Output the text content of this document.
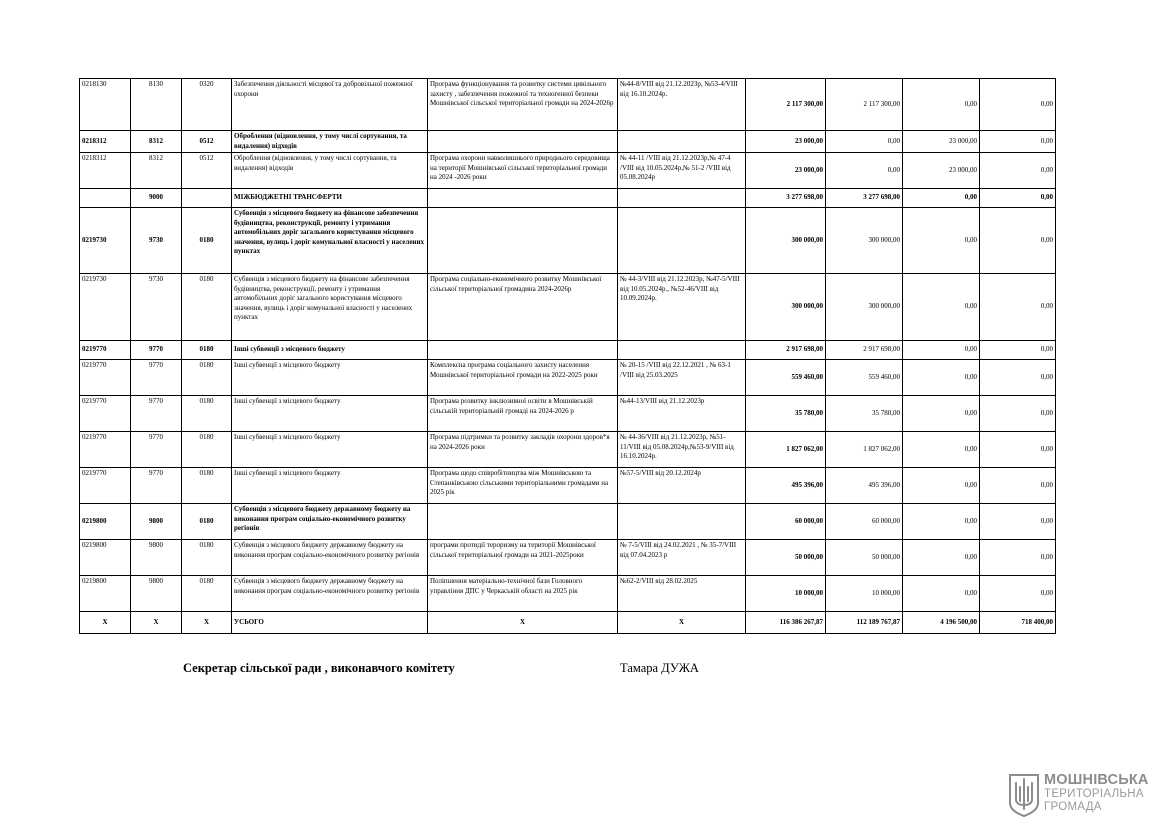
0218130	8130	0320	Забезпечення діяльності місцевої та добровільної пожежної охорони	Програма функціонування та розвитку системи цивільного захисту , забезпечення пожежної та техногенної безпеки Мошнівської сільської територіальної громади на 2024-2026р	№44-8/VIII від 21.12.2023р, №53-4/VIII від 16.10.2024р.	2 117 300,00	2 117 300,00	0,00	0,00
0218312	8312	0512	Оброблення (відновлення, у тому числі сортування, та видалення) відходів			23 000,00	0,00	23 000,00	0,00
0218312	8312	0512	Оброблення (відновлення, у тому числі сортування, та видалення) відходів	Програма охорони навколишнього природнього середовища на території Мошнівської сільської територіальної громади на 2024 -2026 роки	№ 44-11 /VIII від 21.12.2023р,№ 47-4 /VIII від 10.05.2024р,№ 51-2 /VIII від 05.08.2024р	23 000,00	0,00	23 000,00	0,00
	9000		МІЖБЮДЖЕТНІ ТРАНСФЕРТИ			3 277 698,00	3 277 698,00	0,00	0,00
0219730	9730	0180	Субвенція з місцевого бюджету на фінансове забезпечення будівництва, реконструкції, ремонту і утримання автомобільних доріг загального користування місцевого значення, вулиць і доріг комунальної власності у населених пунктах			300 000,00	300 000,00	0,00	0,00
0219730	9730	0180	Субвенція з місцевого бюджету на фінансове забезпечення будівництва, реконструкції, ремонту і утримання автомобільних доріг загального користування місцевого значення, вулиць і доріг комунальної власності у населених пунктах	Програма соціально-економічного розвитку Мошнівської сільської територіальної громадина 2024-2026р	№ 44-3/VIII від 21.12.2023р, №47-5/VIII від 10.05.2024р., №52-46/VIII від 10.09.2024р.	300 000,00	300 000,00	0,00	0,00
0219770	9770	0180	Інші субвенції з місцевого бюджету			2 917 698,00	2 917 698,00	0,00	0,00
0219770	9770	0180	Інші субвенції з місцевого бюджету	Комплексна програма соціального захисту населення Мошнівської територіальної громади на 2022-2025 роки	№ 20-15 /VIII від 22.12.2021 , № 63-1 /VIII від 25.03.2025	559 460,00	559 460,00	0,00	0,00
0219770	9770	0180	Інші субвенції з місцевого бюджету	Програма розвитку інклюзивної освіти в Мошнівській сільській територіальній громаді на 2024-2026 р	№44-13/VIII від 21.12.2023р	35 780,00	35 780,00	0,00	0,00
0219770	9770	0180	Інші субвенції з місцевого бюджету	Програма підтримки та розвитку закладів охорони здоров*я на 2024-2026 роки	№ 44-36/VIII від 21.12.2023р, №51-11/VIII від 05.08.2024р,№53-9/VIII від 16.10.2024р.	1 827 062,00	1 827 062,00	0,00	0,00
0219770	9770	0180	Інші субвенції з місцевого бюджету	Програма щодо співробітництва між Мошнівською та Степанківською сільськими територіальними громадами на 2025 рік	№57-5/VIII від 20.12.2024р	495 396,00	495 396,00	0,00	0,00
0219800	9800	0180	Субвенція з місцевого бюджету державному бюджету на виконання програм соціально-економічного розвитку регіонів			60 000,00	60 000,00	0,00	0,00
0219800	9800	0180	Субвенція з місцевого бюджету державному бюджету на виконання програм соціально-економічного розвитку регіонів	програми протидії тероризму на території Мошнівської сільської територіальної громади на 2021-2025роки	№ 7-5/VIII від 24.02.2021 , № 35-7/VIII від 07.04.2023 р	50 000,00	50 000,00	0,00	0,00
0219800	9800	0180	Субвенція з місцевого бюджету державному бюджету на виконання програм соціально-економічного розвитку регіонів	Поліпшення матеріально-технічної бази Головного управління ДПС у Черкаській області на 2025 рік	№62-2/VIII від 28.02.2025	10 000,00	10 000,00	0,00	0,00
X	X	X	УСЬОГО	X	X	116 386 267,87	112 189 767,87	4 196 500,00	718 400,00
Секретар сільської ради , виконавчого комітету	Тамара ДУЖА
МОШНІВСЬКА
ТЕРИТОРІАЛЬНА
ГРОМАДА
